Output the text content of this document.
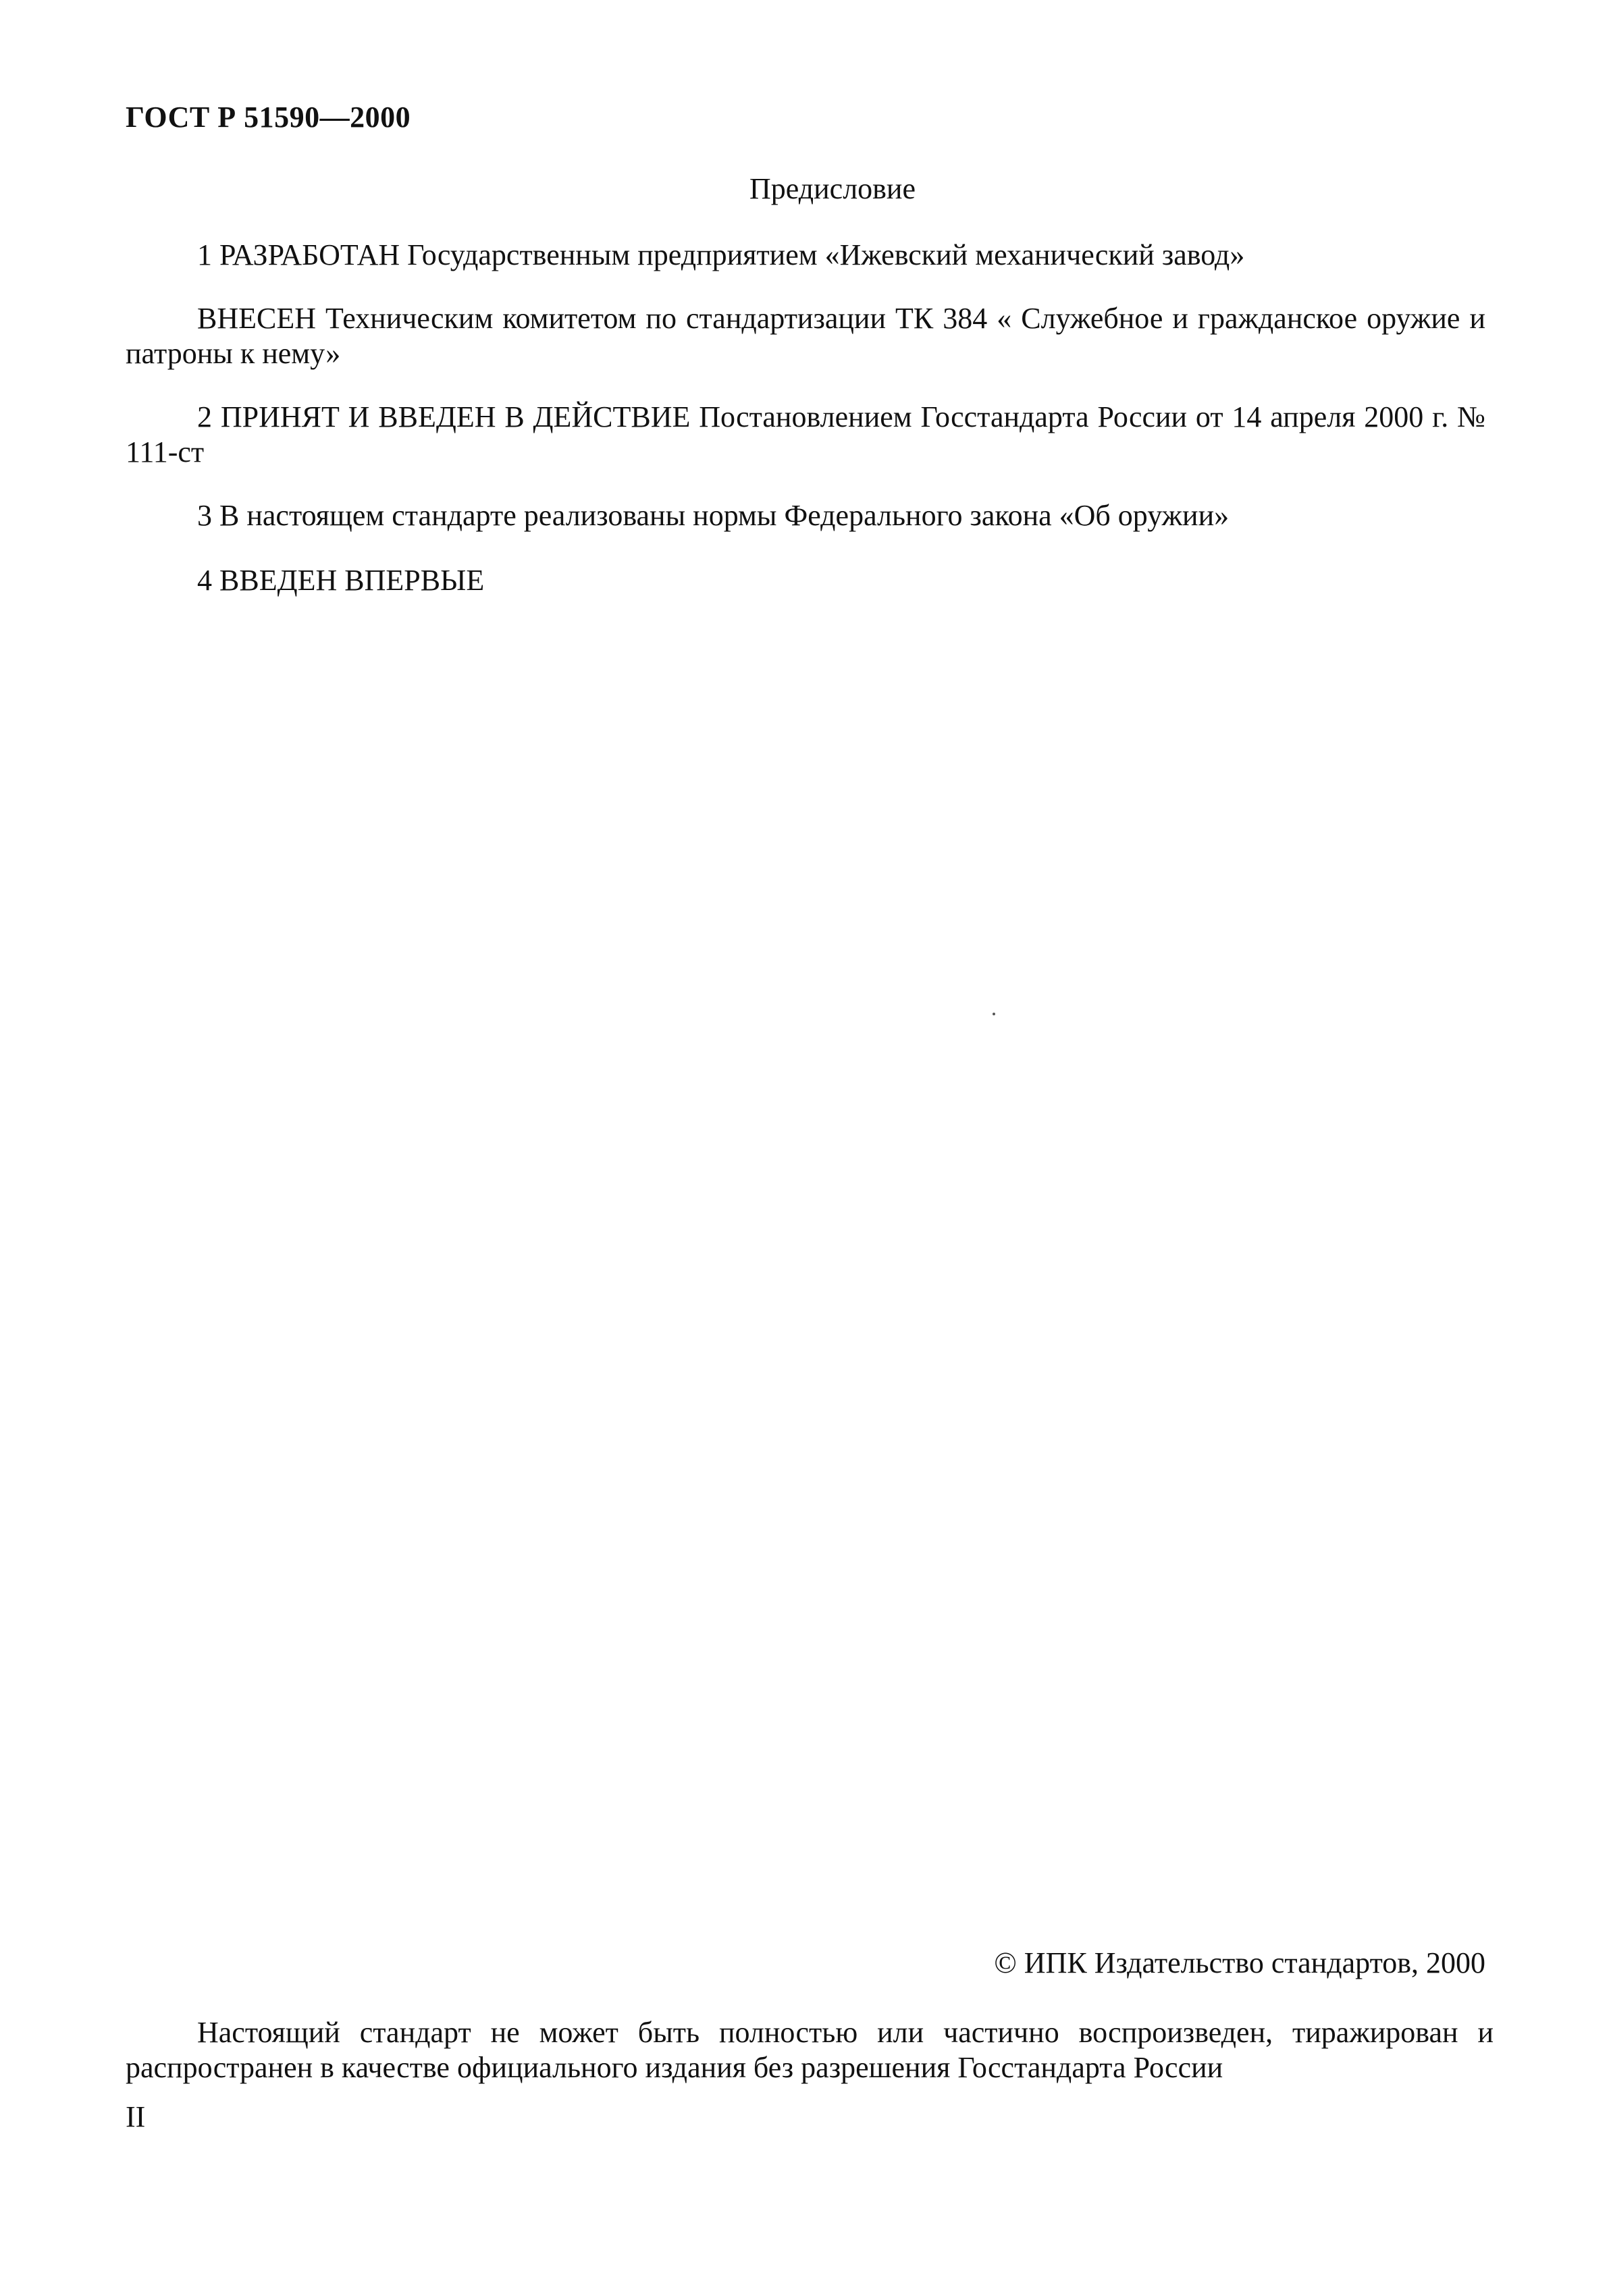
ГОСТ Р 51590—2000
Предисловие

1 РАЗРАБОТАН Государственным предприятием «Ижевский механический завод»

ВНЕСЕН Техническим комитетом по стандартизации ТК 384 « Служебное и гражданское оружие и патроны к нему»

2 ПРИНЯТ И ВВЕДЕН В ДЕЙСТВИЕ Постановлением Госстандарта России от 14 апреля 2000 г. № 111-ст

3 В настоящем стандарте реализованы нормы Федерального закона «Об оружии»

4 ВВЕДЕН ВПЕРВЫЕ

© ИПК Издательство стандартов, 2000

Настоящий стандарт не может быть полностью или частично воспроизведен, тиражирован и распространен в качестве официального издания без разрешения Госстандарта России

II
